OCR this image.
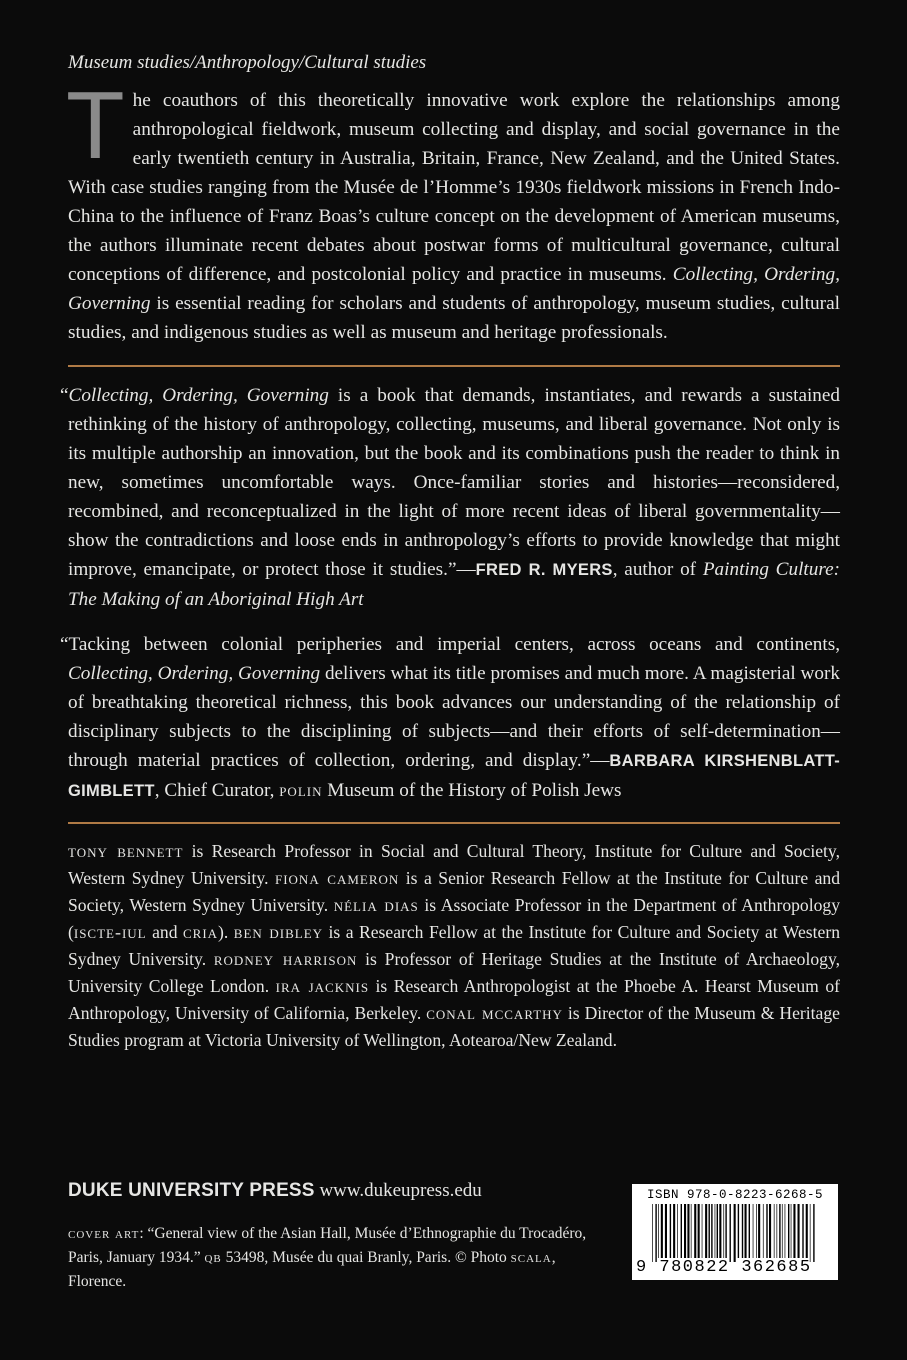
Museum studies/Anthropology/Cultural studies

The coauthors of this theoretically innovative work explore the relationships among anthropological fieldwork, museum collecting and display, and social governance in the early twentieth century in Australia, Britain, France, New Zealand, and the United States. With case studies ranging from the Musée de l’Homme’s 1930s fieldwork missions in French Indo-China to the influence of Franz Boas’s culture concept on the development of American museums, the authors illuminate recent debates about postwar forms of multicultural governance, cultural conceptions of difference, and postcolonial policy and practice in museums. Collecting, Ordering, Governing is essential reading for scholars and students of anthropology, museum studies, cultural studies, and indigenous studies as well as museum and heritage professionals.

“Collecting, Ordering, Governing is a book that demands, instantiates, and rewards a sustained rethinking of the history of anthropology, collecting, museums, and liberal governance. Not only is its multiple authorship an innovation, but the book and its combinations push the reader to think in new, sometimes uncomfortable ways. Once-familiar stories and histories—reconsidered, recombined, and reconceptualized in the light of more recent ideas of liberal governmentality—show the contradictions and loose ends in anthropology’s efforts to provide knowledge that might improve, emancipate, or protect those it studies.”—FRED R. MYERS, author of Painting Culture: The Making of an Aboriginal High Art

“Tacking between colonial peripheries and imperial centers, across oceans and continents, Collecting, Ordering, Governing delivers what its title promises and much more. A magisterial work of breathtaking theoretical richness, this book advances our understanding of the relationship of disciplinary subjects to the disciplining of subjects—and their efforts of self-determination—through material practices of collection, ordering, and display.”—BARBARA KIRSHENBLATT-GIMBLETT, Chief Curator, polin Museum of the History of Polish Jews

tony bennett is Research Professor in Social and Cultural Theory, Institute for Culture and Society, Western Sydney University. fiona cameron is a Senior Research Fellow at the Institute for Culture and Society, Western Sydney University. nélia dias is Associate Professor in the Department of Anthropology (iscte-iul and cria). ben dibley is a Research Fellow at the Institute for Culture and Society at Western Sydney University. rodney harrison is Professor of Heritage Studies at the Institute of Archaeology, University College London. ira jacknis is Research Anthropologist at the Phoebe A. Hearst Museum of Anthropology, University of California, Berkeley. conal mccarthy is Director of the Museum & Heritage Studies program at Victoria University of Wellington, Aotearoa/New Zealand.

DUKE UNIVERSITY PRESS www.dukeupress.edu
cover art: “General view of the Asian Hall, Musée d’Ethnographie du Trocadéro, Paris, January 1934.” qb 53498, Musée du quai Branly, Paris. © Photo scala, Florence.
ISBN 978-0-8223-6268-5
9 780822 362685
